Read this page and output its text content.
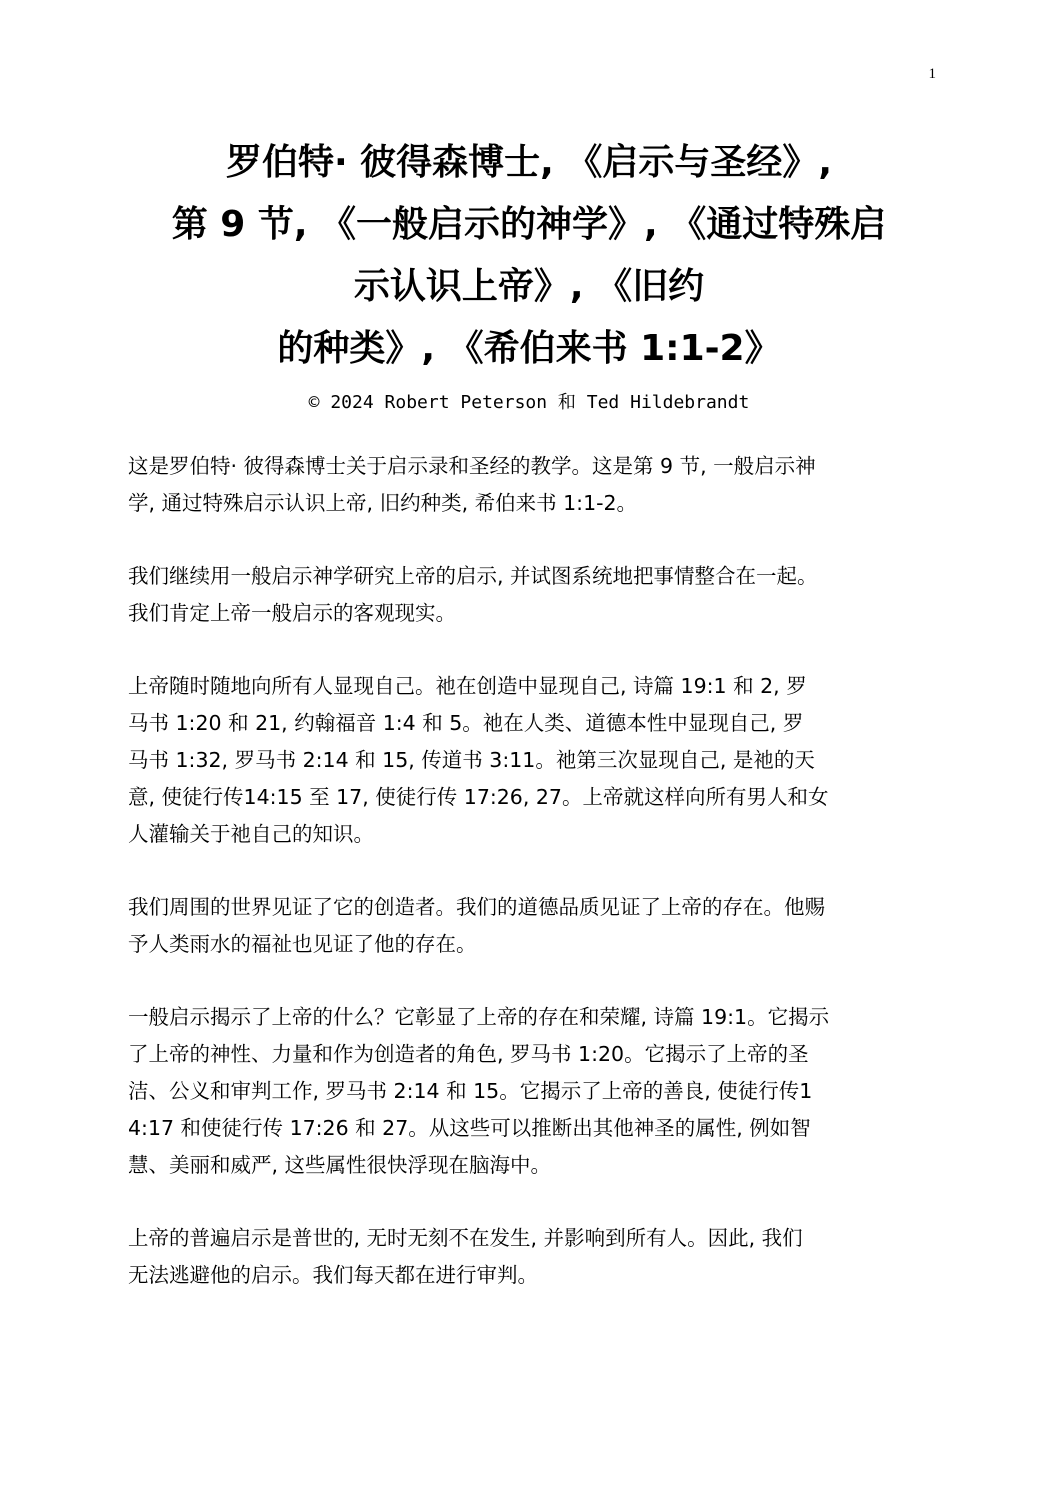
1
罗伯特· 彼得森博士, 《启示与圣经》,
第 9 节, 《一般启示的神学》, 《通过特殊启
示认识上帝》, 《旧约
的种类》, 《希伯来书 1:1-2》
© 2024 Robert Peterson 和 Ted Hildebrandt
这是罗伯特· 彼得森博士关于启示录和圣经的教学。这是第 9 节, 一般启示神
学, 通过特殊启示认识上帝, 旧约种类, 希伯来书 1:1-2。
我们继续用一般启示神学研究上帝的启示, 并试图系统地把事情整合在一起。
我们肯定上帝一般启示的客观现实。
上帝随时随地向所有人显现自己。祂在创造中显现自己, 诗篇 19:1 和 2, 罗
马书 1:20 和 21, 约翰福音 1:4 和 5。祂在人类、道德本性中显现自己, 罗
马书 1:32, 罗马书 2:14 和 15, 传道书 3:11。祂第三次显现自己, 是祂的天
意, 使徒行传14:15 至 17, 使徒行传 17:26, 27。上帝就这样向所有男人和女
人灌输关于祂自己的知识。
我们周围的世界见证了它的创造者。我们的道德品质见证了上帝的存在。他赐
予人类雨水的福祉也见证了他的存在。
一般启示揭示了上帝的什么？它彰显了上帝的存在和荣耀, 诗篇 19:1。它揭示
了上帝的神性、力量和作为创造者的角色, 罗马书 1:20。它揭示了上帝的圣
洁、公义和审判工作, 罗马书 2:14 和 15。它揭示了上帝的善良, 使徒行传1
4:17 和使徒行传 17:26 和 27。从这些可以推断出其他神圣的属性, 例如智
慧、美丽和威严, 这些属性很快浮现在脑海中。
上帝的普遍启示是普世的, 无时无刻不在发生, 并影响到所有人。因此, 我们
无法逃避他的启示。我们每天都在进行审判。
